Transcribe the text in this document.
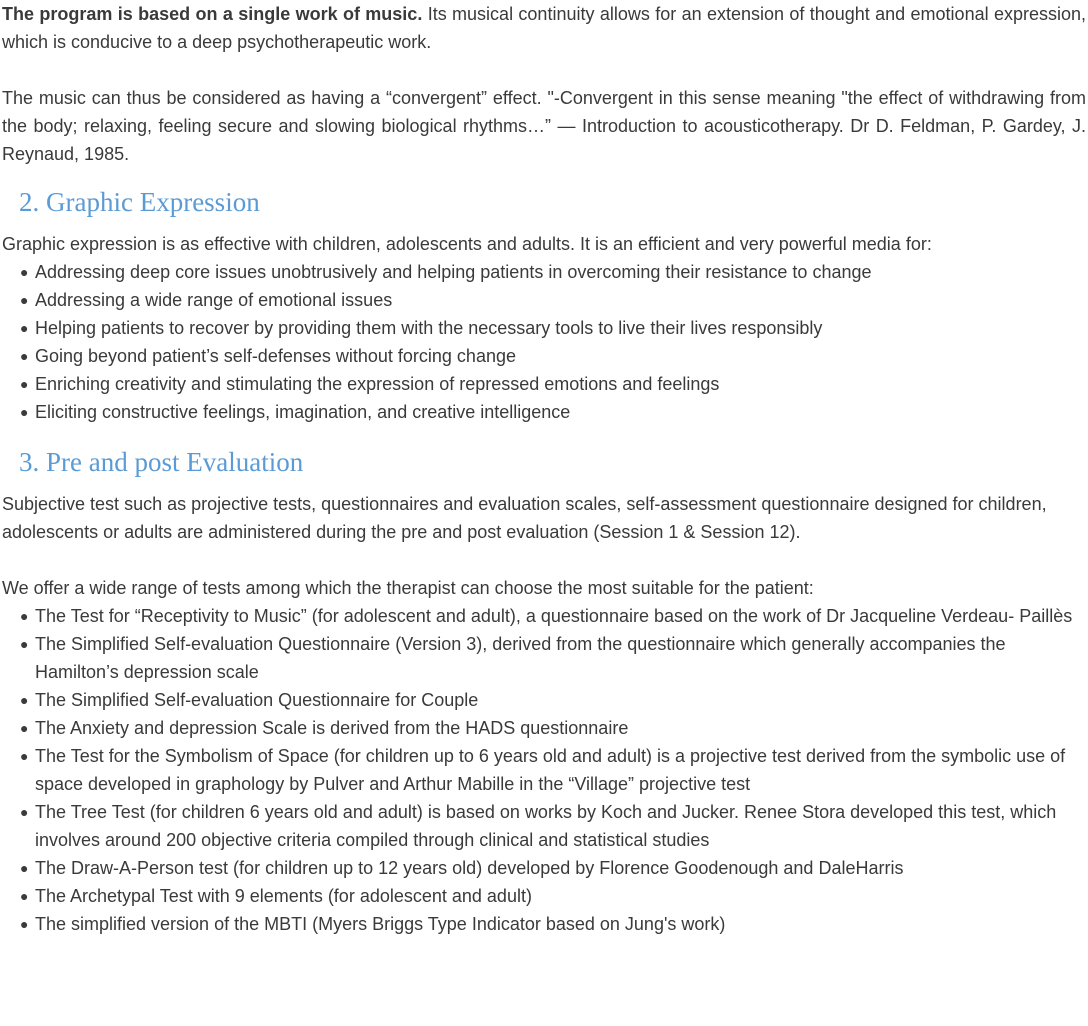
The program is based on a single work of music. Its musical continuity allows for an extension of thought and emotional expression, which is conducive to a deep psychotherapeutic work.

The music can thus be considered as having a “convergent” effect. "-Convergent in this sense meaning "the effect of withdrawing from the body; relaxing, feeling secure and slowing biological rhythms…” — Introduction to acousticotherapy. Dr D. Feldman, P. Gardey, J. Reynaud, 1985.

2. Graphic Expression

Graphic expression is as effective with children, adolescents and adults. It is an efficient and very powerful media for:

● Addressing deep core issues unobtrusively and helping patients in overcoming their resistance to change
● Addressing a wide range of emotional issues
● Helping patients to recover by providing them with the necessary tools to live their lives responsibly
● Going beyond patient’s self-defenses without forcing change
● Enriching creativity and stimulating the expression of repressed emotions and feelings
● Eliciting constructive feelings, imagination, and creative intelligence
3. Pre and post Evaluation

Subjective test such as projective tests, questionnaires and evaluation scales, self-assessment questionnaire designed for children, adolescents or adults are administered during the pre and post evaluation (Session 1 & Session 12).

We offer a wide range of tests among which the therapist can choose the most suitable for the patient:

● The Test for “Receptivity to Music” (for adolescent and adult), a questionnaire based on the work of Dr Jacqueline Verdeau- Paillès
● The Simplified Self-evaluation Questionnaire (Version 3), derived from the questionnaire which generally accompanies the Hamilton’s depression scale
● The Simplified Self-evaluation Questionnaire for Couple
● The Anxiety and depression Scale is derived from the HADS questionnaire
● The Test for the Symbolism of Space (for children up to 6 years old and adult) is a projective test derived from the symbolic use of space developed in graphology by Pulver and Arthur Mabille in the “Village” projective test
● The Tree Test (for children 6 years old and adult) is based on works by Koch and Jucker. Renee Stora developed this test, which involves around 200 objective criteria compiled through clinical and statistical studies
● The Draw-A-Person test (for children up to 12 years old) developed by Florence Goodenough and DaleHarris
● The Archetypal Test with 9 elements (for adolescent and adult)
● The simplified version of the MBTI (Myers Briggs Type Indicator based on Jung's work)
